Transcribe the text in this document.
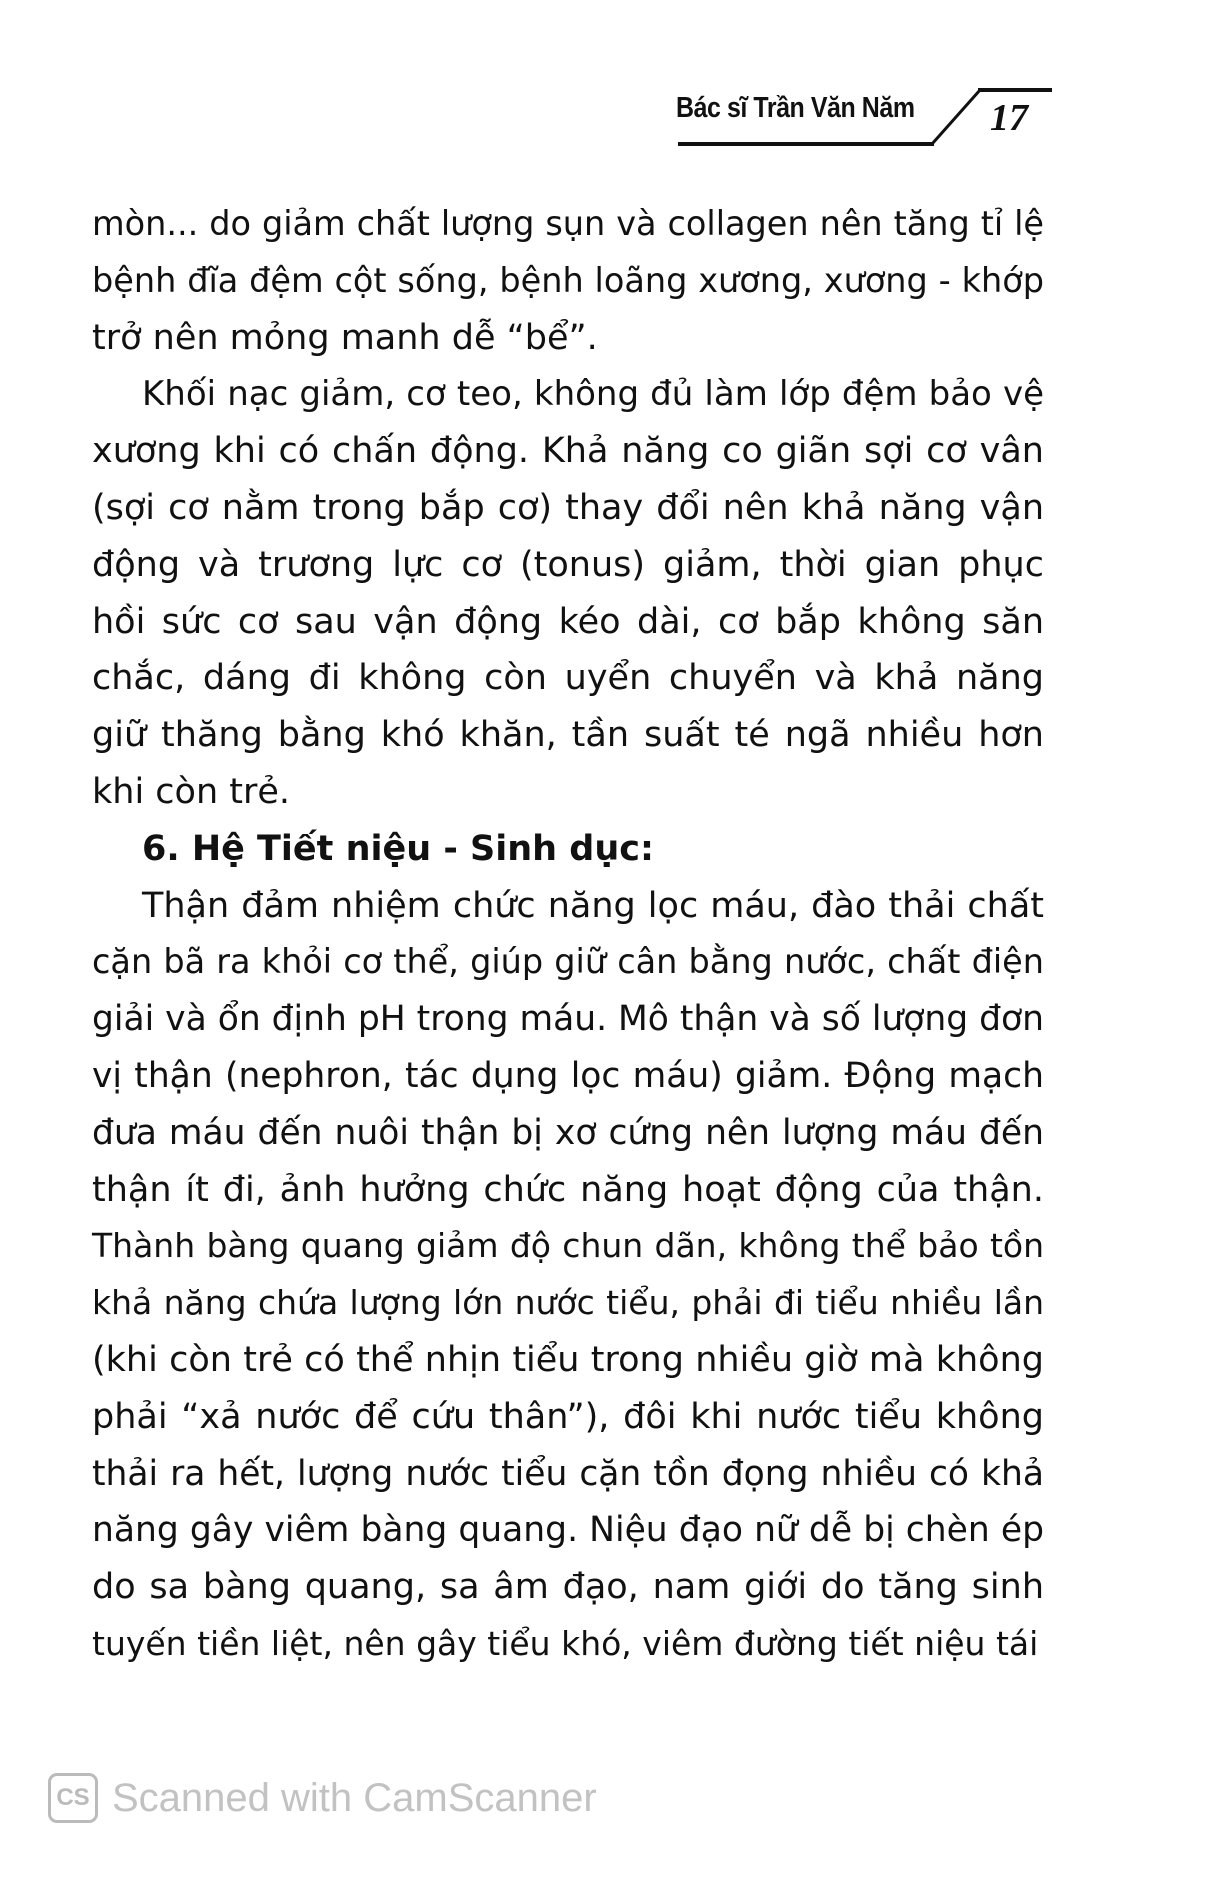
Bác sĩ Trần Văn Năm 17
mòn... do giảm chất lượng sụn và collagen nên tăng tỉ lệ
bệnh đĩa đệm cột sống, bệnh loãng xương, xương - khớp
trở nên mỏng manh dễ “bể”.
Khối nạc giảm, cơ teo, không đủ làm lớp đệm bảo vệ
xương khi có chấn động. Khả năng co giãn sợi cơ vân
(sợi cơ nằm trong bắp cơ) thay đổi nên khả năng vận
động và trương lực cơ (tonus) giảm, thời gian phục
hồi sức cơ sau vận động kéo dài, cơ bắp không săn
chắc, dáng đi không còn uyển chuyển và khả năng
giữ thăng bằng khó khăn, tần suất té ngã nhiều hơn
khi còn trẻ.
6. Hệ Tiết niệu - Sinh dục:
Thận đảm nhiệm chức năng lọc máu, đào thải chất
cặn bã ra khỏi cơ thể, giúp giữ cân bằng nước, chất điện
giải và ổn định pH trong máu. Mô thận và số lượng đơn
vị thận (nephron, tác dụng lọc máu) giảm. Động mạch
đưa máu đến nuôi thận bị xơ cứng nên lượng máu đến
thận ít đi, ảnh hưởng chức năng hoạt động của thận.
Thành bàng quang giảm độ chun dãn, không thể bảo tồn
khả năng chứa lượng lớn nước tiểu, phải đi tiểu nhiều lần
(khi còn trẻ có thể nhịn tiểu trong nhiều giờ mà không
phải “xả nước để cứu thân”), đôi khi nước tiểu không
thải ra hết, lượng nước tiểu cặn tồn đọng nhiều có khả
năng gây viêm bàng quang. Niệu đạo nữ dễ bị chèn ép
do sa bàng quang, sa âm đạo, nam giới do tăng sinh
tuyến tiền liệt, nên gây tiểu khó, viêm đường tiết niệu tái
CS Scanned with CamScanner
